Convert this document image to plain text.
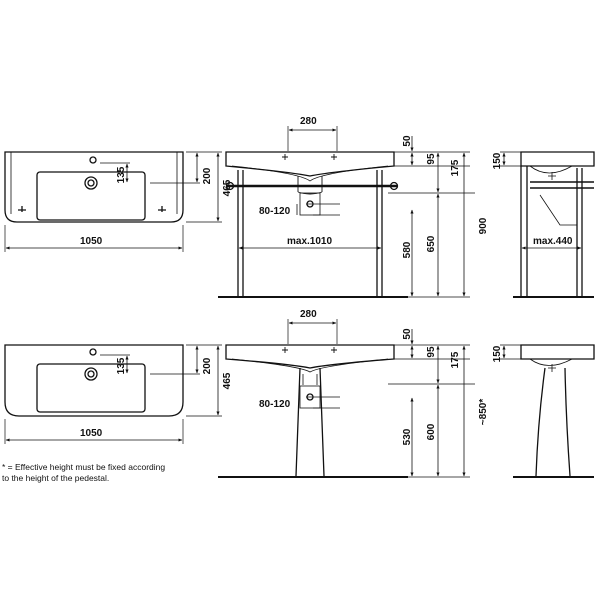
1050
200
465
135
280
50
95
175
80-120
max.1010
580 650
900
150
max.440
1050
200
465
135
280
50
95 175
80-120
530 600
~850*
150
* = Effective height must be fixed according
to the height of the pedestal.
